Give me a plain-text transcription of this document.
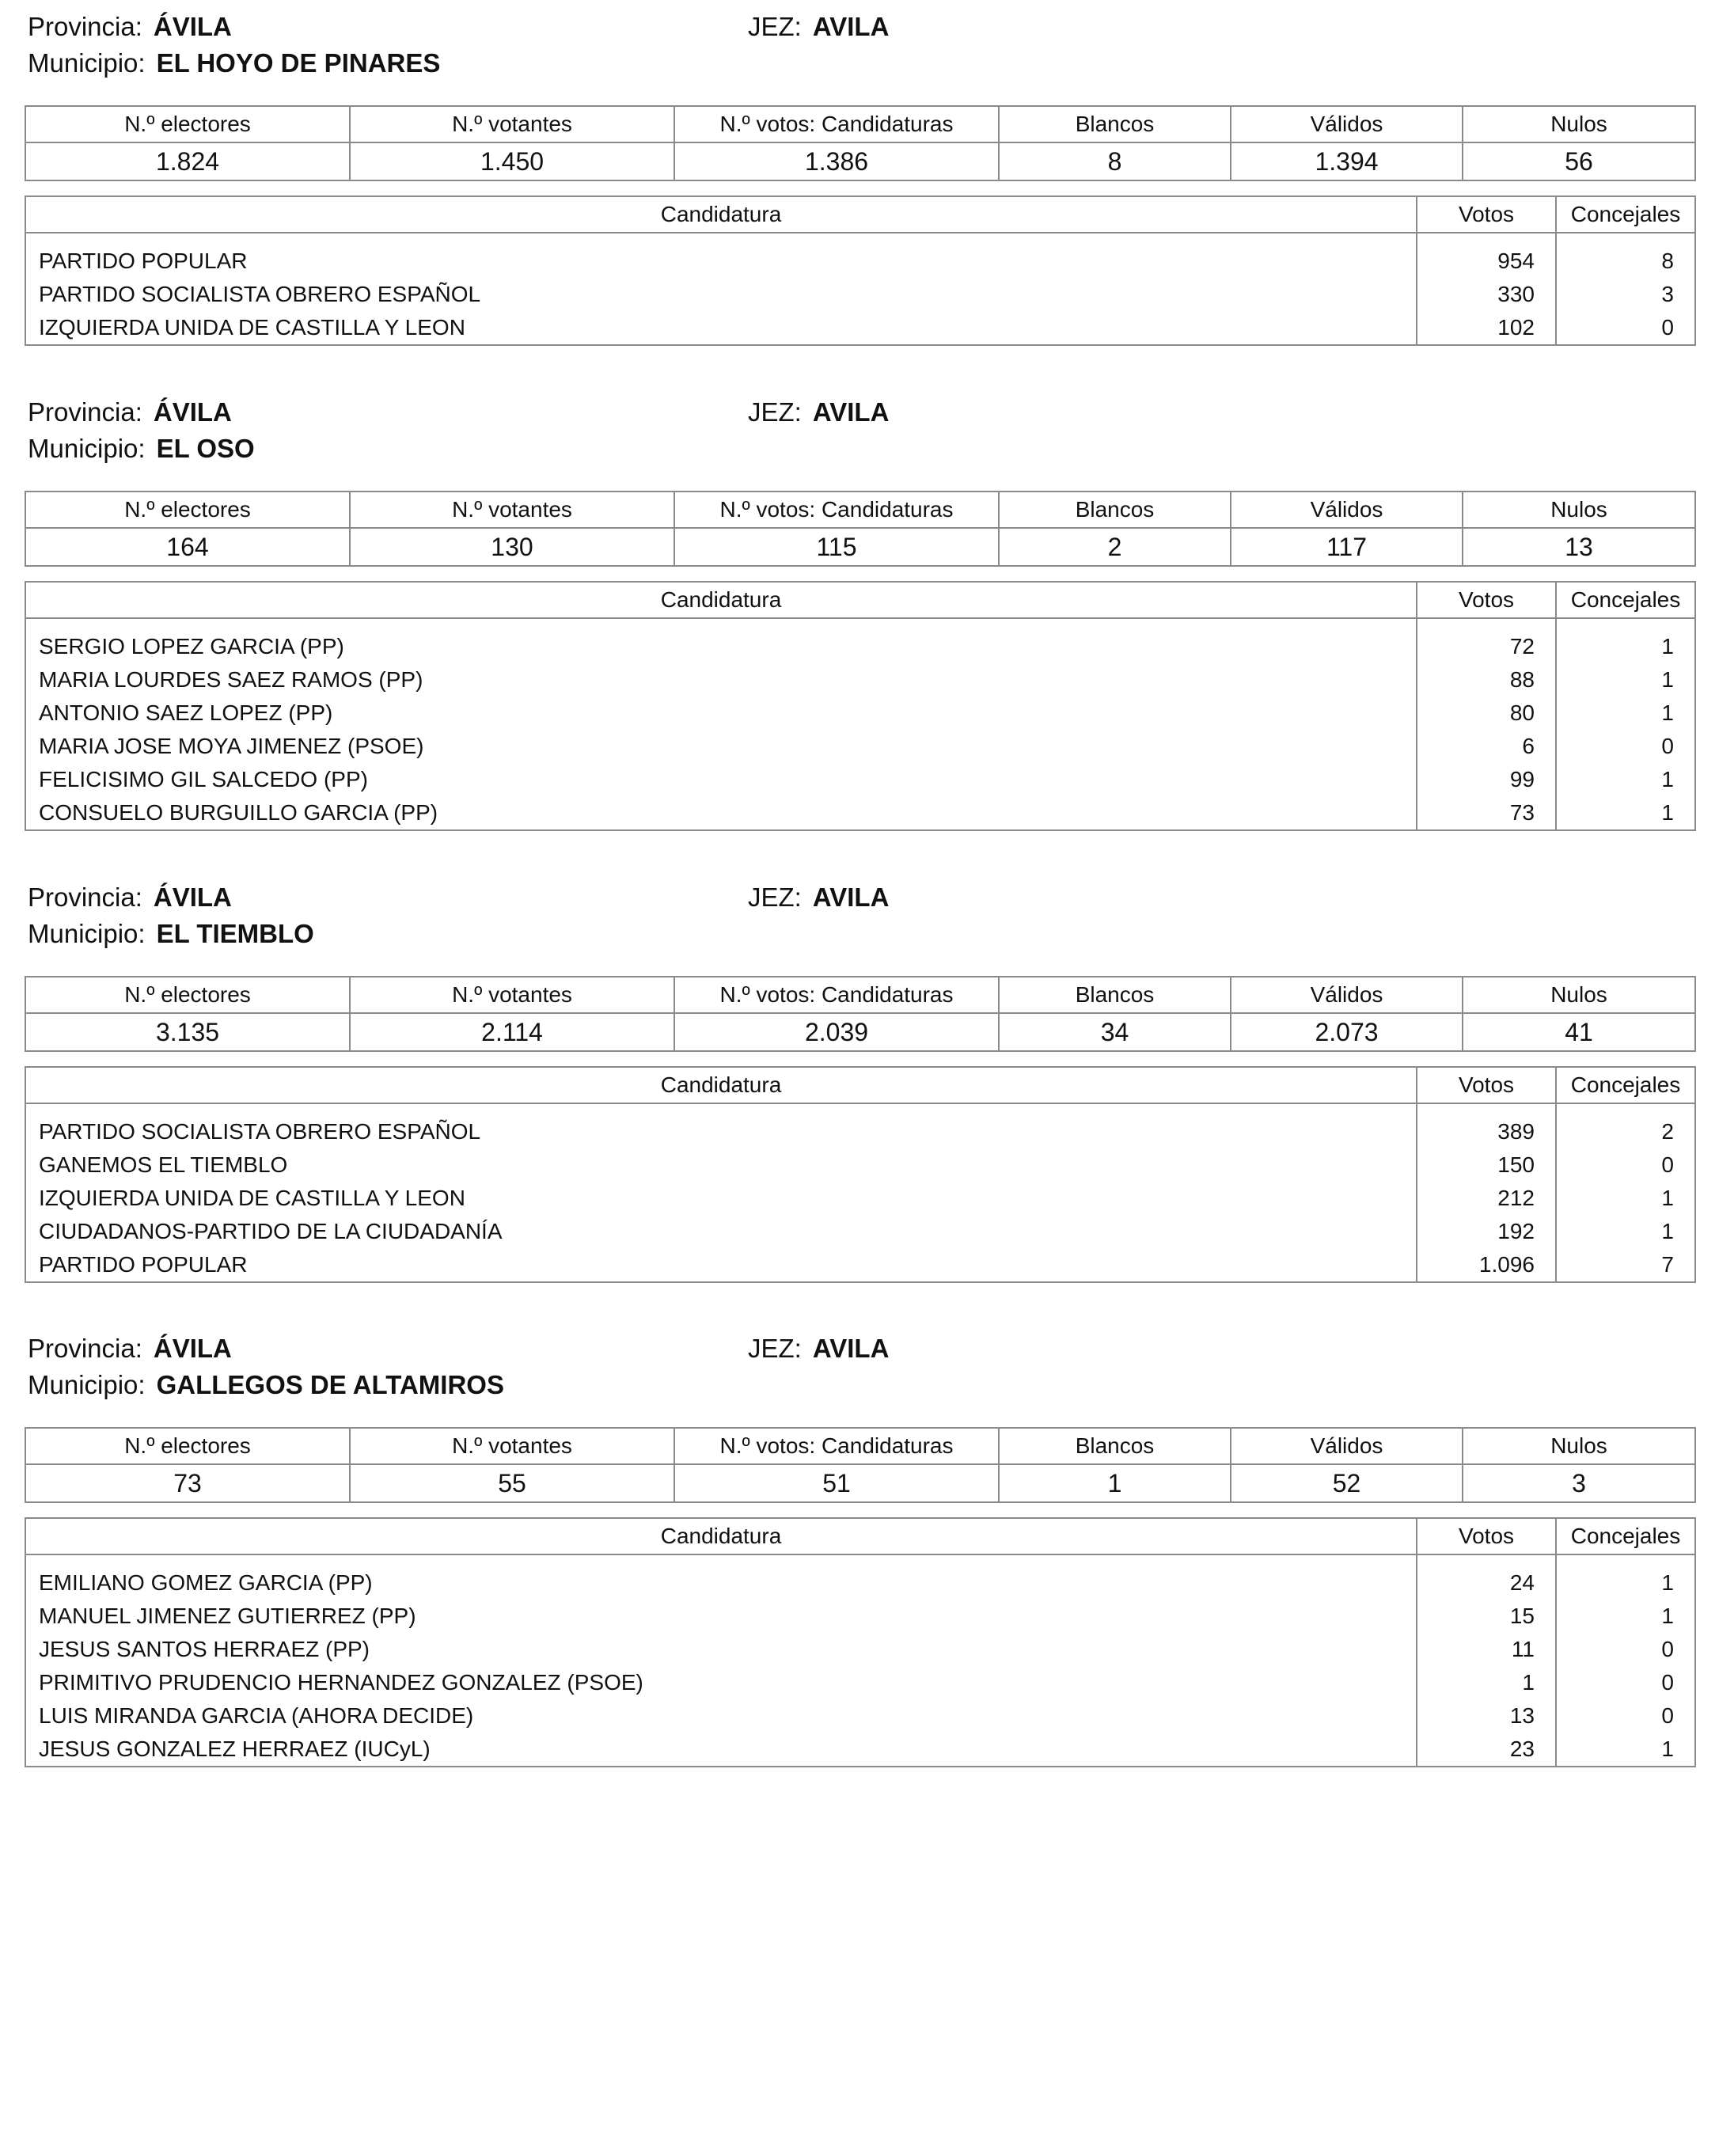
Provincia: ÁVILA	JEZ: AVILA
Municipio: EL HOYO DE PINARES
N.º electores	N.º votantes	N.º votos: Candidaturas	Blancos	Válidos	Nulos
1.824	1.450	1.386	8	1.394	56
Candidatura	Votos	Concejales

PARTIDO POPULAR	954	8
PARTIDO SOCIALISTA OBRERO ESPAÑOL	330	3
IZQUIERDA UNIDA DE CASTILLA Y LEON	102	0
Provincia: ÁVILA	JEZ: AVILA
Municipio: EL OSO
N.º electores	N.º votantes	N.º votos: Candidaturas	Blancos	Válidos	Nulos
164	130	115	2	117	13
Candidatura	Votos	Concejales

SERGIO LOPEZ GARCIA (PP)	72	1
MARIA LOURDES SAEZ RAMOS (PP)	88	1
ANTONIO SAEZ LOPEZ (PP)	80	1
MARIA JOSE MOYA JIMENEZ (PSOE)	6	0
FELICISIMO GIL SALCEDO (PP)	99	1
CONSUELO BURGUILLO GARCIA (PP)	73	1
Provincia: ÁVILA	JEZ: AVILA
Municipio: EL TIEMBLO
N.º electores	N.º votantes	N.º votos: Candidaturas	Blancos	Válidos	Nulos
3.135	2.114	2.039	34	2.073	41
Candidatura	Votos	Concejales

PARTIDO SOCIALISTA OBRERO ESPAÑOL	389	2
GANEMOS EL TIEMBLO	150	0
IZQUIERDA UNIDA DE CASTILLA Y LEON	212	1
CIUDADANOS-PARTIDO DE LA CIUDADANÍA	192	1
PARTIDO POPULAR	1.096	7
Provincia: ÁVILA	JEZ: AVILA
Municipio: GALLEGOS DE ALTAMIROS
N.º electores	N.º votantes	N.º votos: Candidaturas	Blancos	Válidos	Nulos
73	55	51	1	52	3
Candidatura	Votos	Concejales

EMILIANO GOMEZ GARCIA (PP)	24	1
MANUEL JIMENEZ GUTIERREZ (PP)	15	1
JESUS SANTOS HERRAEZ (PP)	11	0
PRIMITIVO PRUDENCIO HERNANDEZ GONZALEZ (PSOE)	1	0
LUIS MIRANDA GARCIA (AHORA DECIDE)	13	0
JESUS GONZALEZ HERRAEZ (IUCyL)	23	1
